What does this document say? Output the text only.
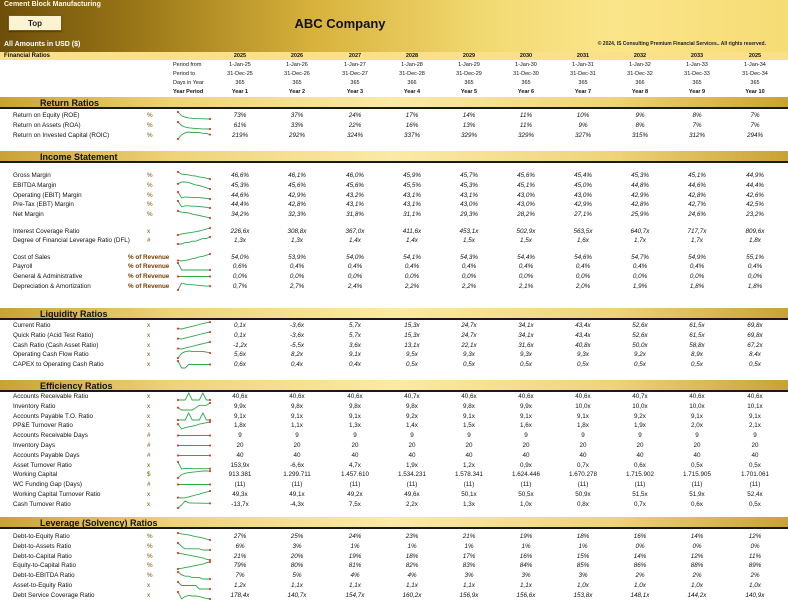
Cement Block Manufacturing
Top	ABC Company
All Amounts in USD ($)	© 2024, IS Consulting Premium Financial Services.. All rights reserved.
Financial Ratios	2025	2026	2027	2028	2029	2030	2031	2032	2033	2025
Period from	1-Jan-25	1-Jan-26	1-Jan-27	1-Jan-28	1-Jan-29	1-Jan-30	1-Jan-31	1-Jan-32	1-Jan-33	1-Jan-34
Period to	31-Dec-25	31-Dec-26	31-Dec-27	31-Dec-28	31-Dec-29	31-Dec-30	31-Dec-31	31-Dec-32	31-Dec-33	31-Dec-34
Days in Year	365	365	365	366	365	365	365	366	365	365
Year Period	Year 1	Year 2	Year 3	Year 4	Year 5	Year 6	Year 7	Year 8	Year 9	Year 10
Return Ratios
Return on Equity (ROE)	%	73%	37%	24%	17%	14%	11%	10%	9%	8%	7%
Return on Assets (ROA)	%	61%	33%	22%	16%	13%	11%	9%	8%	7%	7%
Return on Invested Capital (ROIC)	%	219%	292%	324%	337%	329%	329%	327%	315%	312%	294%
Income Statement
Gross Margin	%	46,6%	46,1%	46,0%	45,9%	45,7%	45,6%	45,4%	45,3%	45,1%	44,9%
EBITDA Margin	%	45,3%	45,6%	45,6%	45,5%	45,3%	45,1%	45,0%	44,8%	44,6%	44,4%
Operating (EBIT) Margin	%	44,6%	42,9%	43,2%	43,1%	43,1%	43,0%	43,0%	42,9%	42,8%	42,6%
Pre-Tax (EBT) Margin	%	44,4%	42,8%	43,1%	43,1%	43,0%	43,0%	42,9%	42,8%	42,7%	42,5%
Net Margin	%	34,2%	32,3%	31,8%	31,1%	29,3%	28,2%	27,1%	25,9%	24,6%	23,2%
Interest Coverage Ratio	x	226,6x	308,8x	367,0x	411,6x	453,1x	502,9x	563,5x	640,7x	717,7x	809,6x
Degree of Financial Leverage Ratio (DFL)	#	1,3x	1,3x	1,4x	1,4x	1,5x	1,5x	1,6x	1,7x	1,7x	1,8x
Cost of Sales	% of Revenue	54,0%	53,9%	54,0%	54,1%	54,3%	54,4%	54,6%	54,7%	54,9%	55,1%
Payroll	% of Revenue	0,6%	0,4%	0,4%	0,4%	0,4%	0,4%	0,4%	0,4%	0,4%	0,4%
General & Administrative	% of Revenue	0,0%	0,0%	0,0%	0,0%	0,0%	0,0%	0,0%	0,0%	0,0%	0,0%
Depreciation & Amortization	% of Revenue	0,7%	2,7%	2,4%	2,2%	2,2%	2,1%	2,0%	1,9%	1,8%	1,8%
Liquidity Ratios
Current Ratio	x	0,1x	-3,6x	5,7x	15,3x	24,7x	34,1x	43,4x	52,6x	61,5x	69,8x
Quick Ratio (Acid Test Ratio)	x	0,1x	-3,6x	5,7x	15,3x	24,7x	34,1x	43,4x	52,6x	61,5x	69,8x
Cash Ratio (Cash Asset Ratio)	x	-1,2x	-5,5x	3,6x	13,1x	22,1x	31,6x	40,8x	50,0x	58,8x	67,2x
Operating Cash Flow Ratio	x	5,6x	8,2x	9,1x	9,5x	9,3x	9,3x	9,3x	9,2x	8,9x	8,4x
CAPEX to Operating Cash Ratio	x	0,6x	0,4x	0,4x	0,5x	0,5x	0,5x	0,5x	0,5x	0,5x	0,5x
Efficiency Ratios
Accounts Receivable Ratio	x	40,6x	40,6x	40,6x	40,7x	40,6x	40,6x	40,6x	40,7x	40,6x	40,6x
Inventory Ratio	x	9,9x	9,8x	9,8x	9,8x	9,8x	9,9x	10,0x	10,0x	10,0x	10,1x
Accounts Payable T.O. Ratio	x	9,1x	9,1x	9,1x	9,2x	9,1x	9,1x	9,1x	9,2x	9,1x	9,1x
PP&E Turnover Ratio	x	1,8x	1,1x	1,3x	1,4x	1,5x	1,6x	1,8x	1,9x	2,0x	2,1x
Accounts Receivable Days	#	9	9	9	9	9	9	9	9	9	9
Inventory Days	#	20	20	20	20	20	20	20	20	20	20
Accounts Payable Days	#	40	40	40	40	40	40	40	40	40	40
Asset Turnover Ratio	x	153,9x	-6,6x	4,7x	1,9x	1,2x	0,9x	0,7x	0,6x	0,5x	0,5x
Working Capital	$	913.381	1.299.711	1.457.610	1.534.231	1.578.341	1.624.446	1.670.278	1.715.902	1.715.905	1.701.061
WC Funding Gap (Days)	#	(11)	(11)	(11)	(11)	(11)	(11)	(11)	(11)	(11)	(11)
Working Capital Turnover Ratio	x	49,3x	49,1x	49,2x	49,6x	50,1x	50,5x	50,9x	51,5x	51,9x	52,4x
Cash Turnover Ratio	x	-13,7x	-4,3x	7,5x	2,2x	1,3x	1,0x	0,8x	0,7x	0,6x	0,5x
Leverage (Solvency) Ratios
Debt-to-Equity Ratio	%	27%	25%	24%	23%	21%	19%	18%	16%	14%	12%
Debt-to-Assets Ratio	%	6%	3%	1%	1%	1%	1%	1%	0%	0%	0%
Debt-to-Capital Ratio	%	21%	20%	19%	18%	17%	16%	15%	14%	12%	11%
Equity-to-Capital Ratio	%	79%	80%	81%	82%	83%	84%	85%	86%	88%	89%
Debt-to-EBITDA Ratio	%	7%	5%	4%	4%	3%	3%	3%	2%	2%	2%
Asset-to-Equity Ratio	x	1,2x	1,1x	1,1x	1,1x	1,1x	1,1x	1,0x	1,0x	1,0x	1,0x
Debt Service Coverage Ratio	x	178,4x	140,7x	154,7x	160,2x	156,9x	156,6x	153,8x	148,1x	144,2x	140,9x
